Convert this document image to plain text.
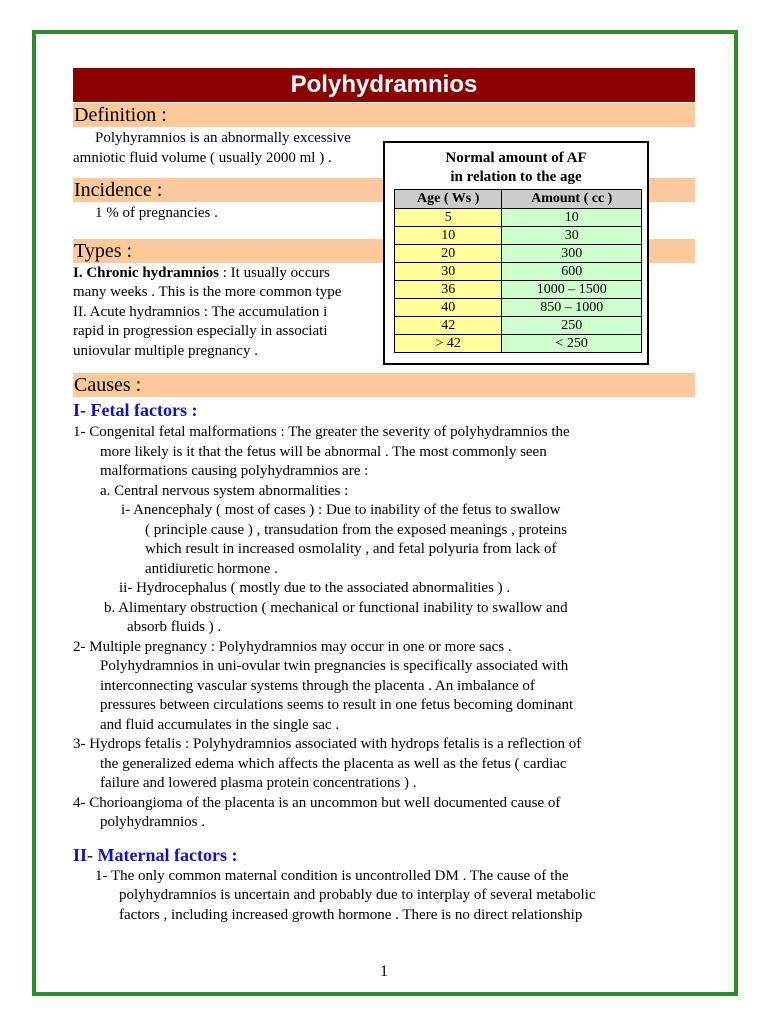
Polyhydramnios
Definition :

Polyhyramnios is an abnormally excessive

amniotic fluid volume ( usually 2000 ml ) .

Incidence :

1 % of pregnancies .

Types :

I. Chronic hydramnios : It usually occurs

many weeks . This is the more common type

II. Acute hydramnios : The accumulation i

rapid in progression especially in associati

uniovular multiple pregnancy .

Causes :

I- Fetal factors :

1- Congenital fetal malformations : The greater the severity of polyhydramnios the
more likely is it that the fetus will be abnormal . The most commonly seen
malformations causing polyhydramnios are :

a. Central nervous system abnormalities :

i- Anencephaly ( most of cases ) : Due to inability of the fetus to swallow
( principle cause ) , transudation from the exposed meanings , proteins
which result in increased osmolality , and fetal polyuria from lack of
antidiuretic hormone .

ii- Hydrocephalus ( mostly due to the associated abnormalities ) .

b. Alimentary obstruction ( mechanical or functional inability to swallow and
absorb fluids ) .

2- Multiple pregnancy : Polyhydramnios may occur in one or more sacs .
Polyhydramnios in uni-ovular twin pregnancies is specifically associated with
interconnecting vascular systems through the placenta . An imbalance of
pressures between circulations seems to result in one fetus becoming dominant
and fluid accumulates in the single sac .

3- Hydrops fetalis : Polyhydramnios associated with hydrops fetalis is a reflection of
the generalized edema which affects the placenta as well as the fetus ( cardiac
failure and lowered plasma protein concentrations ) .

4- Chorioangioma of the placenta is an uncommon but well documented cause of
polyhydramnios .

II- Maternal factors :

1- The only common maternal condition is uncontrolled DM . The cause of the
polyhydramnios is uncertain and probably due to interplay of several metabolic
factors , including increased growth hormone . There is no direct relationship

Normal amount of AF
in relation to the age
Age ( Ws )	Amount ( cc )
5	10
10	30
20	300
30	600
36	1000 – 1500
40	850 – 1000
42	250
> 42	< 250
1
